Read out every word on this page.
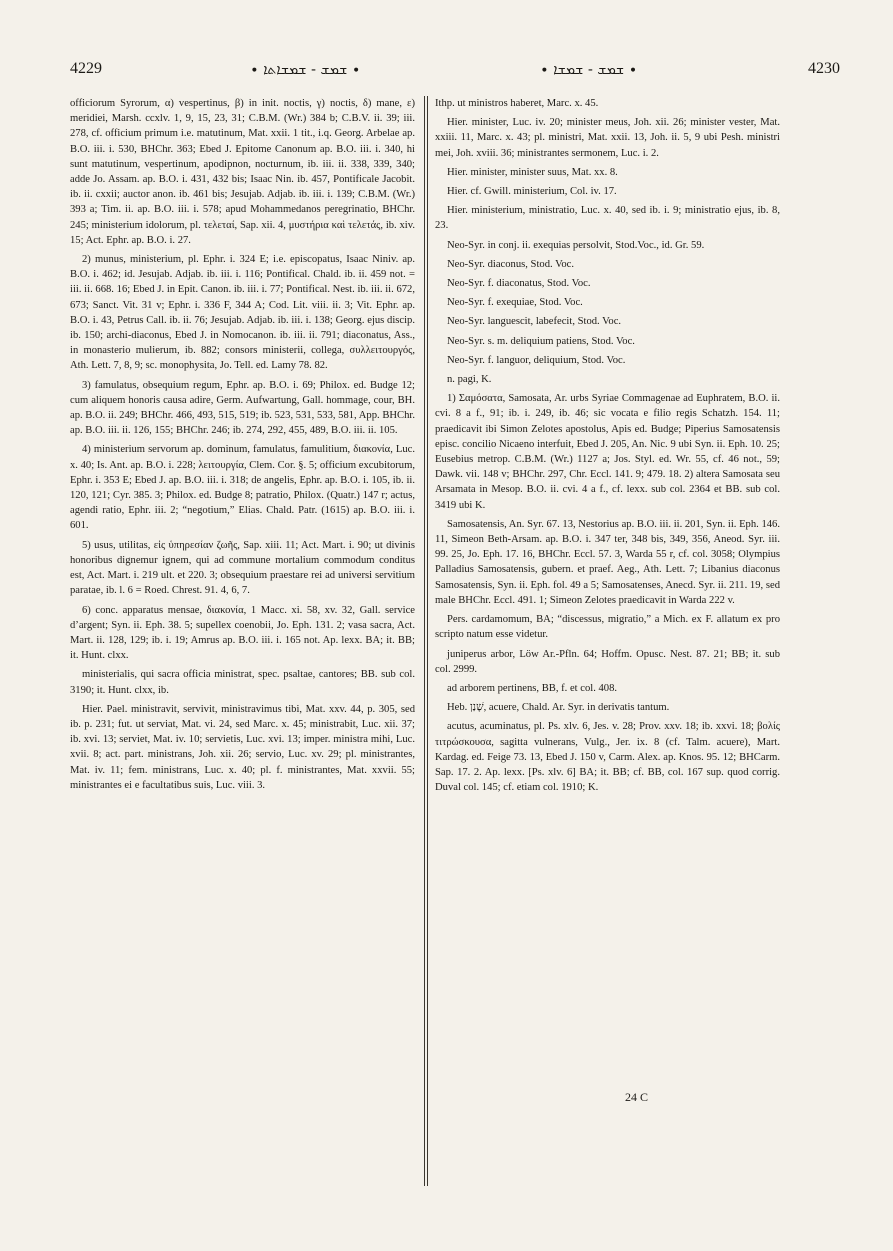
4229	∙ ܫܡܫ - ܫܡܫܐܬܐ ∙	∙ ܫܡܫ - ܫܡܫܐ ∙	4230

officiorum Syrorum, α) vespertinus, β) in init. noctis, γ) noctis, δ) mane, ε) meridiei, Marsh. ccxlv. 1, 9, 15, 23, 31; C.B.M. (Wr.) 384 b; C.B.V. ii. 39; iii. 278, cf. officium primum i.e. matutinum, Mat. xxii. 1 tit., i.q. Georg. Arbelae ap. B.O. iii. i. 530, BHChr. 363; Ebed J. Epitome Canonum ap. B.O. iii. i. 340, hi sunt matutinum, vespertinum, apodipnon, nocturnum, ib. iii. ii. 338, 339, 340; adde Jo. Assam. ap. B.O. i. 431, 432 bis; Isaac Nin. ib. 457, Pontificale Jacobit. ib. ii. cxxii; auctor anon. ib. 461 bis; Jesujab. Adjab. ib. iii. i. 139; C.B.M. (Wr.) 393 a; Tim. ii. ap. B.O. iii. i. 578; apud Mohammedanos peregrinatio, BHChr. 245; ministerium idolorum, pl. τελεταί, Sap. xii. 4, μυστήρια καὶ τελετάς, ib. xiv. 15; Act. Ephr. ap. B.O. i. 27.

2) munus, ministerium, pl. Ephr. i. 324 E; i.e. episcopatus, Isaac Niniv. ap. B.O. i. 462; id. Jesujab. Adjab. ib. iii. i. 116; Pontifical. Chald. ib. ii. 459 not. = iii. ii. 668. 16; Ebed J. in Epit. Canon. ib. iii. i. 77; Pontifical. Nest. ib. iii. ii. 672, 673; Sanct. Vit. 31 v; Ephr. i. 336 F, 344 A; Cod. Lit. viii. ii. 3; Vit. Ephr. ap. B.O. i. 43, Petrus Call. ib. ii. 76; Jesujab. Adjab. ib. iii. i. 138; Georg. ejus discip. ib. 150; archi-diaconus, Ebed J. in Nomocanon. ib. iii. ii. 791; diaconatus, Ass., in monasterio mulierum, ib. 882; consors ministerii, collega, συλλειτουργός, Ath. Lett. 7, 8, 9; sc. monophysita, Jo. Tell. ed. Lamy 78. 82.

3) famulatus, obsequium regum, Ephr. ap. B.O. i. 69; Philox. ed. Budge 12; cum aliquem honoris causa adire, Germ. Aufwartung, Gall. hommage, cour, BH. ap. B.O. ii. 249; BHChr. 466, 493, 515, 519; ib. 523, 531, 533, 581, App. BHChr. ap. B.O. iii. ii. 126, 155; BHChr. 246; ib. 274, 292, 455, 489, B.O. iii. ii. 105.

4) ministerium servorum ap. dominum, famulatus, famulitium, διακονία, Luc. x. 40; Is. Ant. ap. B.O. i. 228; λειτουργία, Clem. Cor. §. 5; officium excubitorum, Ephr. i. 353 E; Ebed J. ap. B.O. iii. i. 318; de angelis, Ephr. ap. B.O. i. 105, ib. ii. 120, 121; Cyr. 385. 3; Philox. ed. Budge 8; patratio, Philox. (Quatr.) 147 r; actus, agendi ratio, Ephr. iii. 2; “negotium,” Elias. Chald. Patr. (1615) ap. B.O. iii. i. 601.

5) usus, utilitas, εἰς ὑπηρεσίαν ζωῆς, Sap. xiii. 11; Act. Mart. i. 90; ut divinis honoribus dignemur ignem, qui ad commune mortalium commodum conditus est, Act. Mart. i. 219 ult. et 220. 3; obsequium praestare rei ad universi servitium paratae, ib. l. 6 = Roed. Chrest. 91. 4, 6, 7.

6) conc. apparatus mensae, διακονία, 1 Macc. xi. 58, xv. 32, Gall. service d’argent; Syn. ii. Eph. 38. 5; supellex coenobii, Jo. Eph. 131. 2; vasa sacra, Act. Mart. ii. 128, 129; ib. i. 19; Amrus ap. B.O. iii. i. 165 not. Ap. lexx. BA; it. BB; it. Hunt. clxx.

ministerialis, qui sacra officia ministrat, spec. psaltae, cantores; BB. sub col. 3190; it. Hunt. clxx, ib.

Hier. Pael. ministravit, servivit, ministravimus tibi, Mat. xxv. 44, p. 305, sed ib. p. 231; fut. ut serviat, Mat. vi. 24, sed Marc. x. 45; ministrabit, Luc. xii. 37; ib. xvi. 13; serviet, Mat. iv. 10; servietis, Luc. xvi. 13; imper. ministra mihi, Luc. xvii. 8; act. part. ministrans, Joh. xii. 26; servio, Luc. xv. 29; pl. ministrantes, Mat. iv. 11; fem. ministrans, Luc. x. 40; pl. f. ministrantes, Mat. xxvii. 55; ministrantes ei e facultatibus suis, Luc. viii. 3.

Ithp. ut ministros haberet, Marc. x. 45.

Hier. minister, Luc. iv. 20; minister meus, Joh. xii. 26; minister vester, Mat. xxiii. 11, Marc. x. 43; pl. ministri, Mat. xxii. 13, Joh. ii. 5, 9 ubi Pesh. ministri mei, Joh. xviii. 36; ministrantes sermonem, Luc. i. 2.

Hier. minister, minister suus, Mat. xx. 8.

Hier. cf. Gwill. ministerium, Col. iv. 17.

Hier. ministerium, ministratio, Luc. x. 40, sed ib. i. 9; ministratio ejus, ib. 8, 23.

Neo-Syr. in conj. ii. exequias persolvit, Stod.Voc., id. Gr. 59.

Neo-Syr. diaconus, Stod. Voc.

Neo-Syr. f. diaconatus, Stod. Voc.

Neo-Syr. f. exequiae, Stod. Voc.

Neo-Syr. languescit, labefecit, Stod. Voc.

Neo-Syr. s. m. deliquium patiens, Stod. Voc.

Neo-Syr. f. languor, deliquium, Stod. Voc.

n. pagi, K.

1) Σαμόσατα, Samosata, Ar. urbs Syriae Commagenae ad Euphratem, B.O. ii. cvi. 8 a f., 91; ib. i. 249, ib. 46; sic vocata e filio regis Schatzh. 154. 11; praedicavit ibi Simon Zelotes apostolus, Apis ed. Budge; Piperius Samosatensis episc. concilio Nicaeno interfuit, Ebed J. 205, An. Nic. 9 ubi Syn. ii. Eph. 10. 25; Eusebius metrop. C.B.M. (Wr.) 1127 a; Jos. Styl. ed. Wr. 55, cf. 46 not., 59; Dawk. vii. 148 v; BHChr. 297, Chr. Eccl. 141. 9; 479. 18. 2) altera Samosata seu Arsamata in Mesop. B.O. ii. cvi. 4 a f., cf. lexx. sub col. 2364 et BB. sub col. 3419 ubi K.

Samosatensis, An. Syr. 67. 13, Nestorius ap. B.O. iii. ii. 201, Syn. ii. Eph. 146. 11, Simeon Beth-Arsam. ap. B.O. i. 347 ter, 348 bis, 349, 356, Aneod. Syr. iii. 99. 25, Jo. Eph. 17. 16, BHChr. Eccl. 57. 3, Warda 55 r, cf. col. 3058; Olympius Palladius Samosatensis, gubern. et praef. Aeg., Ath. Lett. 7; Libanius diaconus Samosatensis, Syn. ii. Eph. fol. 49 a 5; Samosatenses, Anecd. Syr. ii. 211. 19, sed male BHChr. Eccl. 491. 1; Simeon Zelotes praedicavit in Warda 222 v.

Pers. cardamomum, BA; “discessus, migratio,” a Mich. ex F. allatum ex pro scripto natum esse videtur.

juniperus arbor, Löw Ar.-Pfln. 64; Hoffm. Opusc. Nest. 87. 21; BB; it. sub col. 2999.

ad arborem pertinens, BB, f. et col. 408.

Heb. שָׁנַן, acuere, Chald. Ar. Syr. in derivatis tantum.

acutus, acuminatus, pl. Ps. xlv. 6, Jes. v. 28; Prov. xxv. 18; ib. xxvi. 18; βολίς τιτρώσκουσα, sagitta vulnerans, Vulg., Jer. ix. 8 (cf. Talm. acuere), Mart. Kardag. ed. Feige 73. 13, Ebed J. 150 v, Carm. Alex. ap. Knos. 95. 12; BHCarm. Sap. 17. 2. Ap. lexx. [Ps. xlv. 6] BA; it. BB; cf. BB, col. 167 sup. quod corrig. Duval col. 145; cf. etiam col. 1910; K.

24 C
